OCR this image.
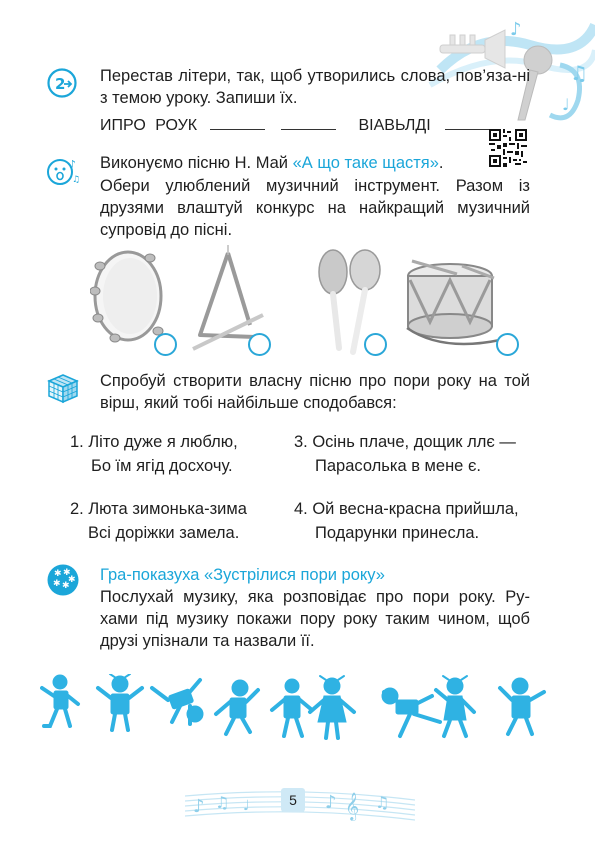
♪
♫
♩
2 Перестав літери, так, щоб утворились слова, пов’яза-ні з темою уроку. Запиши їх.
ИПРО РОУК	ВІАВЬЛДІ
♪
♫
Виконуємо пісню Н. Май «А що таке щастя».
Обери улюблений музичний інструмент. Разом із друзями влаштуй конкурс на найкращий музичний супровід до пісні.
Спробуй створити власну пісню про пори року на той вірш, який тобі найбільше сподобався:
1. Літо дуже я люблю,
Бо їм ягід досхочу.
3. Осінь плаче, дощик ллє —
Парасолька в мене є.
2. Люта зимонька-зима
Всі доріжки замела.
4. Ой весна-красна прийшла,
Подарунки принесла.
✱ ✱
✱ ✱
✱ Гра-показуха «Зустрілися пори року»
Послухай музику, яка розповідає про пори року. Ру-хами під музику покажи пору року таким чином, щоб друзі упізнали та назвали її.
♪ ♫ ♩	♪ 𝄞 ♫
5
